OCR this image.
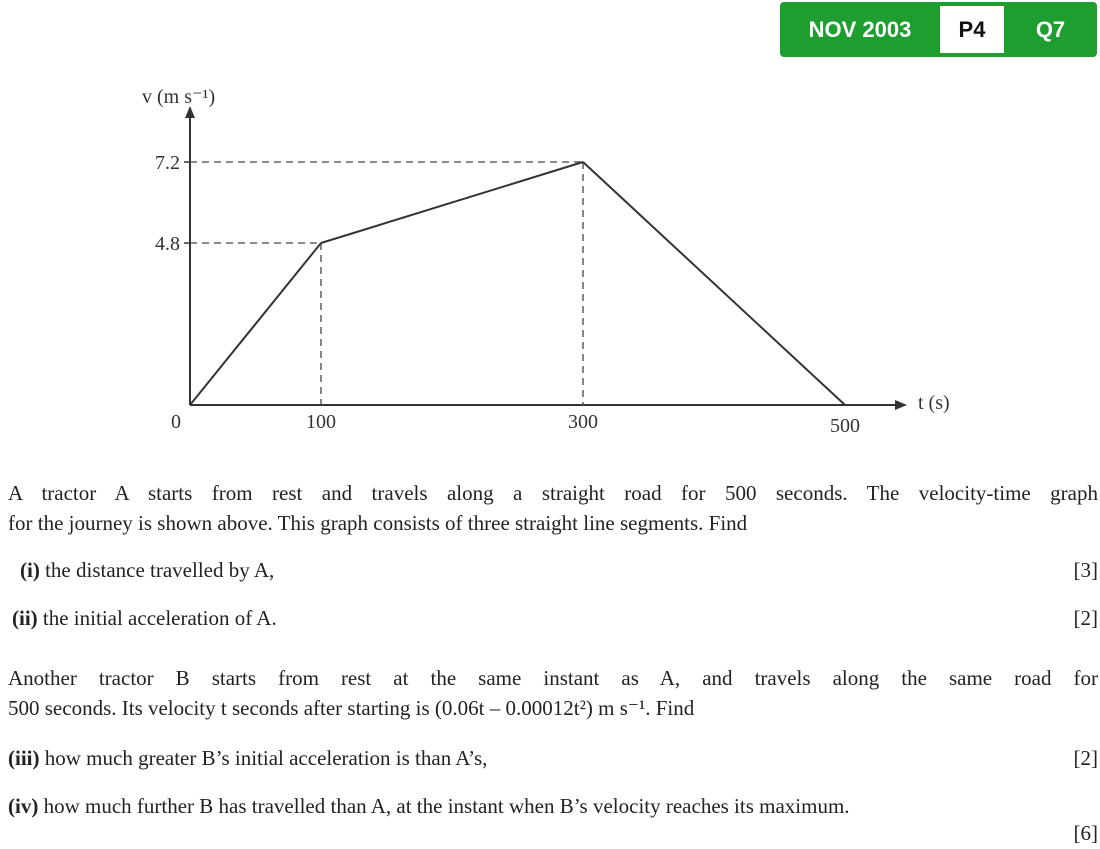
NOV 2003	P4	Q7
v (m s⁻¹)
t (s)
7.2
4.8
0	100	300	500

A tractor A starts from rest and travels along a straight road for 500 seconds. The velocity-time graph

for the journey is shown above. This graph consists of three straight line segments. Find

(i) the distance travelled by A,	[3]
(ii) the initial acceleration of A.	[2]

Another tractor B starts from rest at the same instant as A, and travels along the same road for

500 seconds. Its velocity t seconds after starting is (0.06t – 0.00012t²) m s⁻¹. Find

(iii) how much greater B’s initial acceleration is than A’s,	[2]
(iv) how much further B has travelled than A, at the instant when B’s velocity reaches its maximum.
[6]
